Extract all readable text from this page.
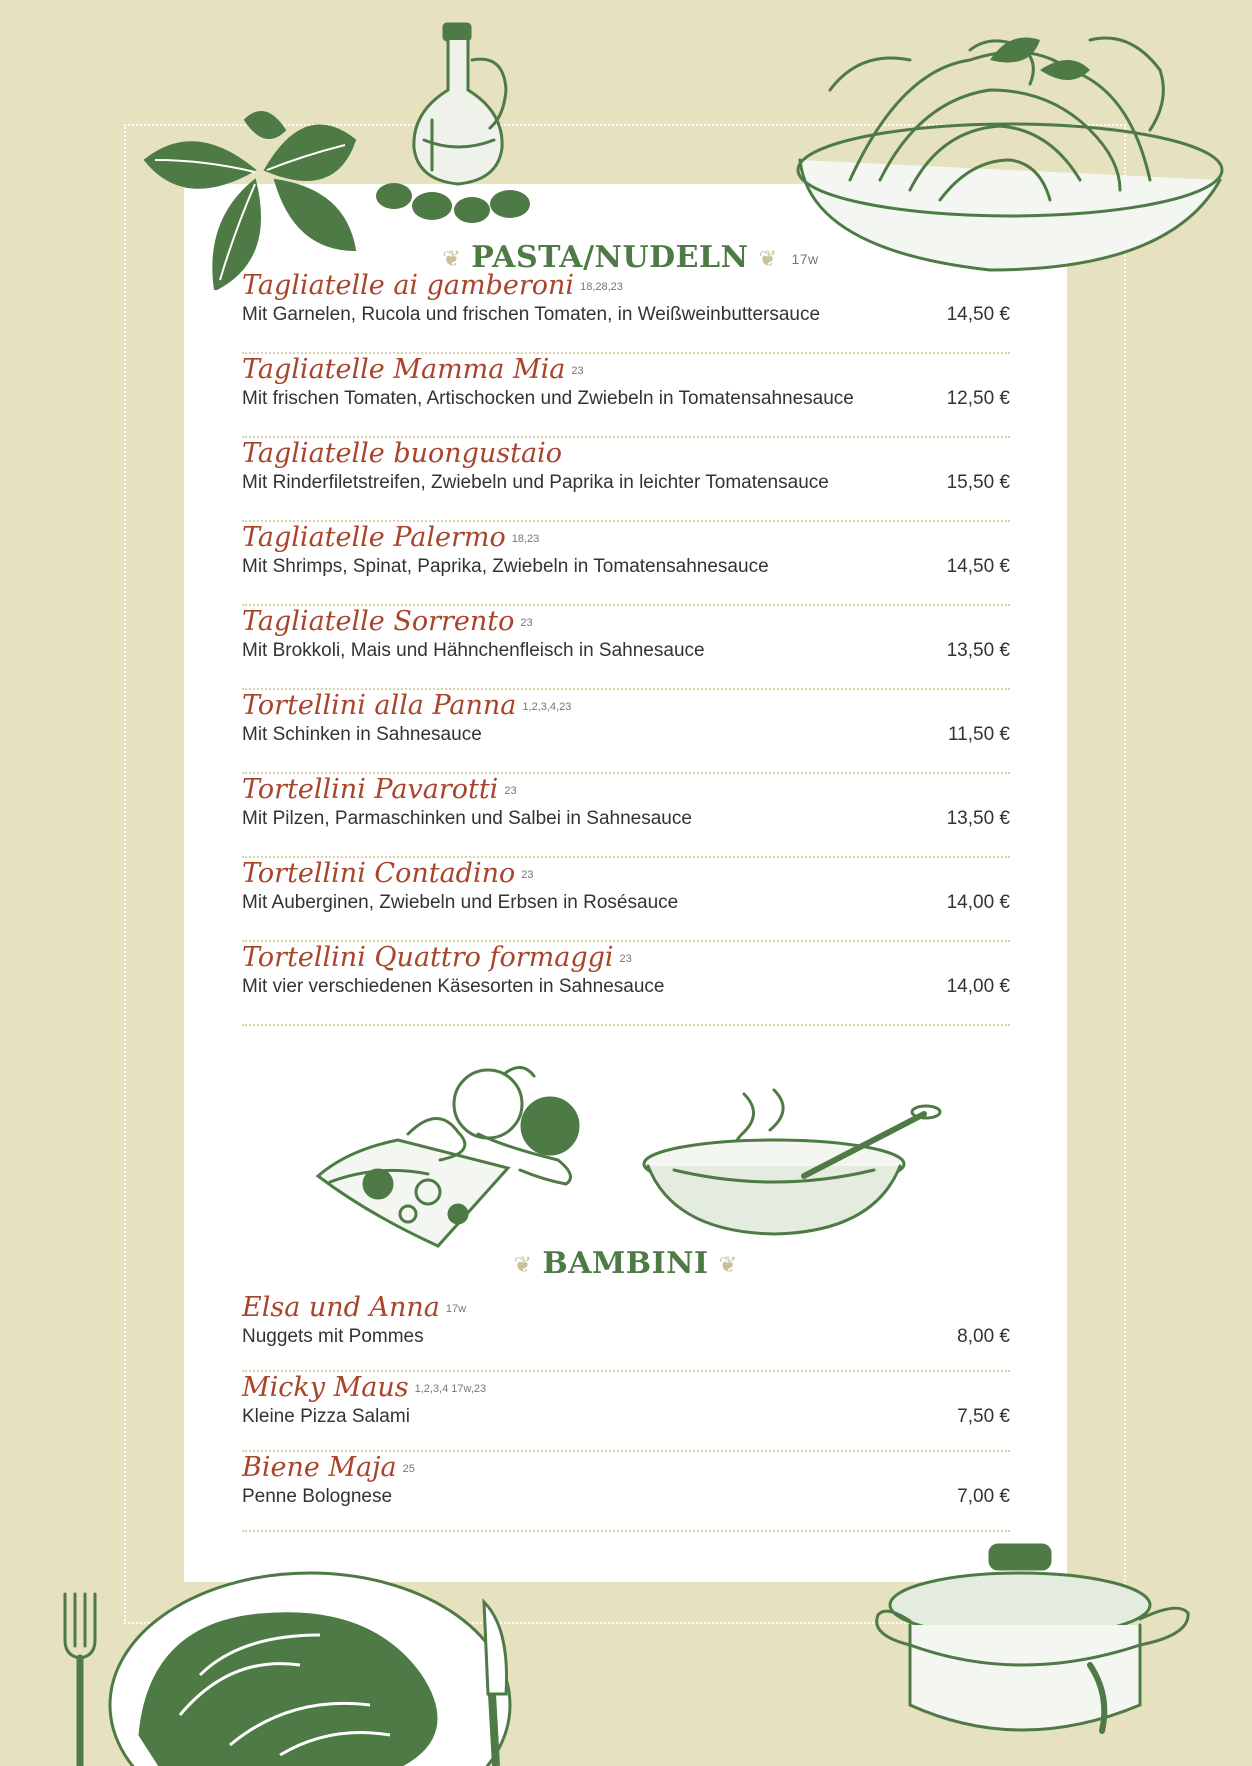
❦ PASTA/NUDELN ❦ 17w
Tagliatelle ai gamberoni 18,28,23
Mit Garnelen, Rucola und frischen Tomaten, in Weißweinbuttersauce	14,50 €
Tagliatelle Mamma Mia 23
Mit frischen Tomaten, Artischocken und Zwiebeln in Tomatensahnesauce	12,50 €
Tagliatelle buongustaio
Mit Rinderfiletstreifen, Zwiebeln und Paprika in leichter Tomatensauce	15,50 €
Tagliatelle Palermo 18,23
Mit Shrimps, Spinat, Paprika, Zwiebeln in Tomatensahnesauce	14,50 €
Tagliatelle Sorrento 23
Mit Brokkoli, Mais und Hähnchenfleisch in Sahnesauce	13,50 €
Tortellini alla Panna 1,2,3,4,23
Mit Schinken in Sahnesauce	11,50 €
Tortellini Pavarotti 23
Mit Pilzen, Parmaschinken und Salbei in Sahnesauce	13,50 €
Tortellini Contadino 23
Mit Auberginen, Zwiebeln und Erbsen in Rosésauce	14,00 €
Tortellini Quattro formaggi 23
Mit vier verschiedenen Käsesorten in Sahnesauce	14,00 €
❦ BAMBINI ❦
Elsa und Anna 17w
Nuggets mit Pommes	8,00 €
Micky Maus 1,2,3,4 17w,23
Kleine Pizza Salami	7,50 €
Biene Maja 25
Penne Bolognese	7,00 €
